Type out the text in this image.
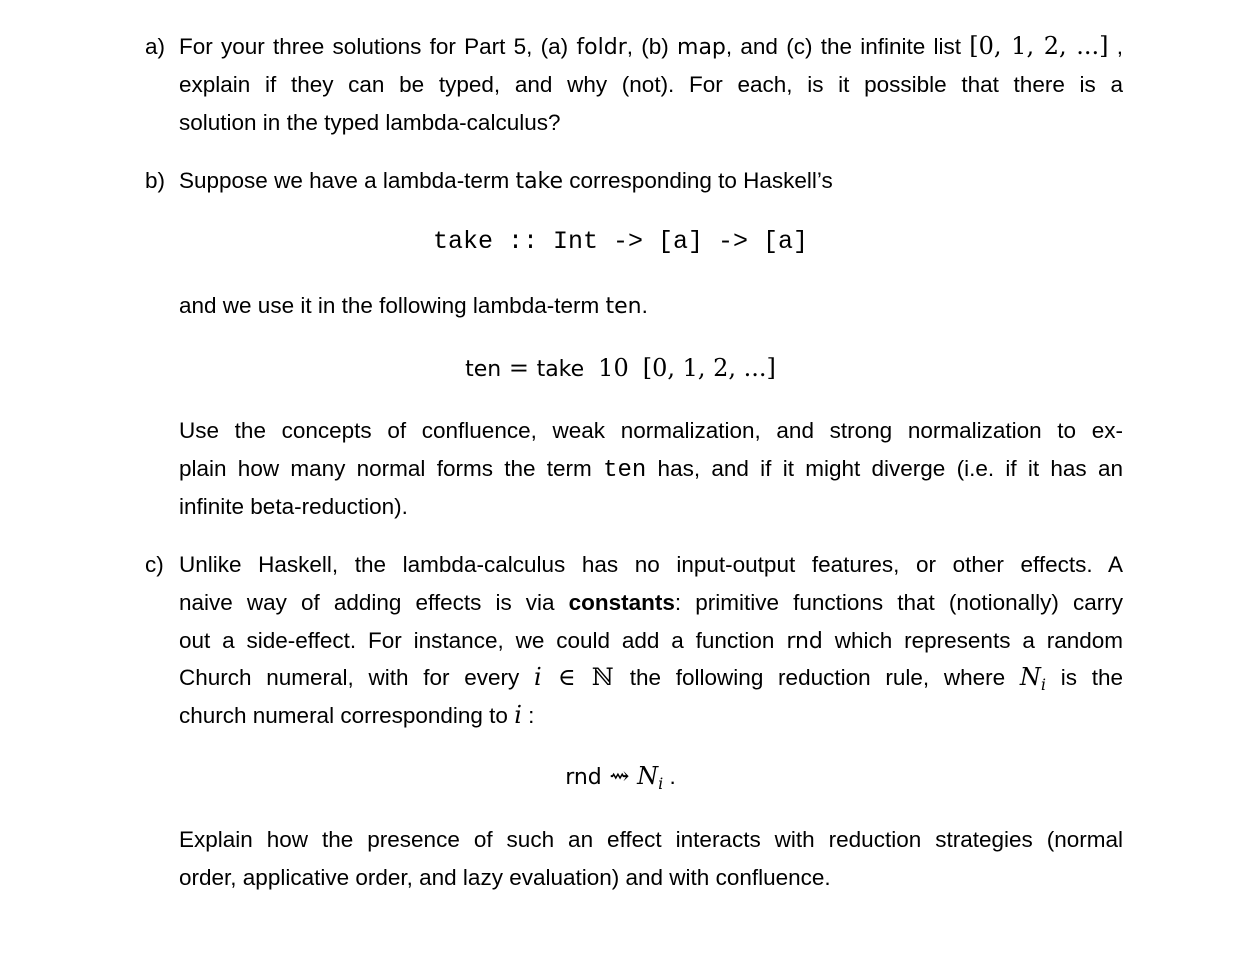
a) For your three solutions for Part 5, (a) foldr, (b) map, and (c) the infinite list [0, 1, 2, ...] ,
explain if they can be typed, and why (not). For each, is it possible that there is a
solution in the typed lambda-calculus?
b) Suppose we have a lambda-term take corresponding to Haskell’s
take :: Int -> [a] -> [a]
and we use it in the following lambda-term ten.
ten = take 10 [0, 1, 2, ...]
Use the concepts of confluence, weak normalization, and strong normalization to ex-
plain how many normal forms the term ten has, and if it might diverge (i.e. if it has an
infinite beta-reduction).
c) Unlike Haskell, the lambda-calculus has no input-output features, or other effects. A
naive way of adding effects is via constants: primitive functions that (notionally) carry
out a side-effect. For instance, we could add a function rnd which represents a random
Church numeral, with for every i ∈ ℕ the following reduction rule, where $N_i$ is the
church numeral corresponding to i :
rnd ⇝ $N_i$ .
Explain how the presence of such an effect interacts with reduction strategies (normal
order, applicative order, and lazy evaluation) and with confluence.
